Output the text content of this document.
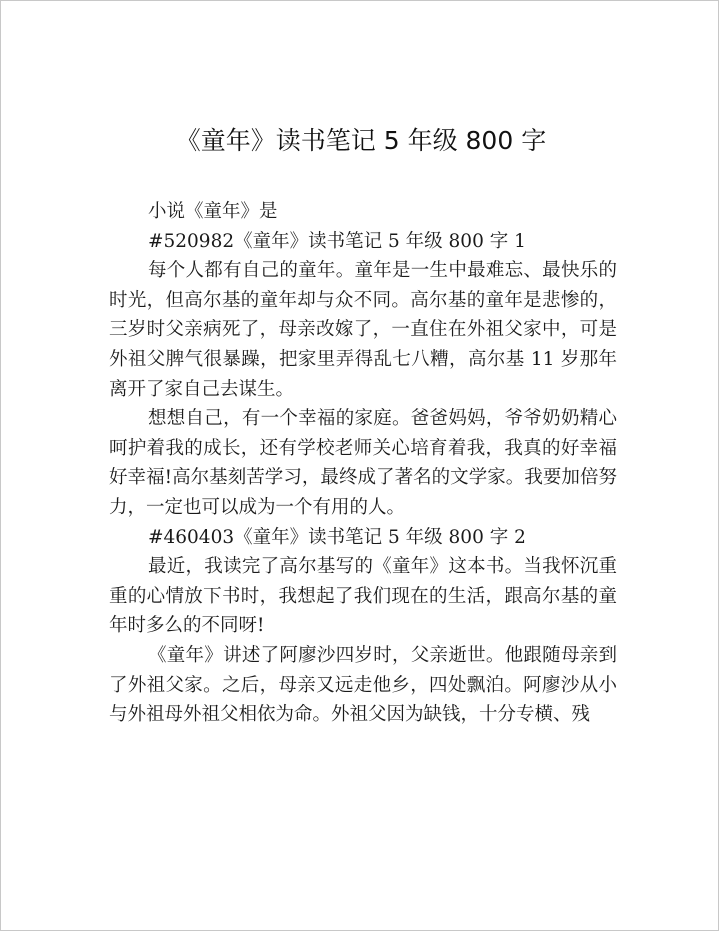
《童年》读书笔记 5 年级 800 字

小说《童年》是

#520982《童年》读书笔记 5 年级 800 字 1

每个人都有自己的童年。童年是一生中最难忘、最快乐的时光，但高尔基的童年却与众不同。高尔基的童年是悲惨的，三岁时父亲病死了，母亲改嫁了，一直住在外祖父家中，可是外祖父脾气很暴躁，把家里弄得乱七八糟，高尔基 11 岁那年离开了家自己去谋生。

想想自己，有一个幸福的家庭。爸爸妈妈，爷爷奶奶精心呵护着我的成长，还有学校老师关心培育着我，我真的好幸福好幸福!高尔基刻苦学习，最终成了著名的文学家。我要加倍努力，一定也可以成为一个有用的人。

#460403《童年》读书笔记 5 年级 800 字 2

最近，我读完了高尔基写的《童年》这本书。当我怀沉重重的心情放下书时，我想起了我们现在的生活，跟高尔基的童年时多么的不同呀!

《童年》讲述了阿廖沙四岁时，父亲逝世。他跟随母亲到了外祖父家。之后，母亲又远走他乡，四处飘泊。阿廖沙从小与外祖母外祖父相依为命。外祖父因为缺钱，十分专横、残
